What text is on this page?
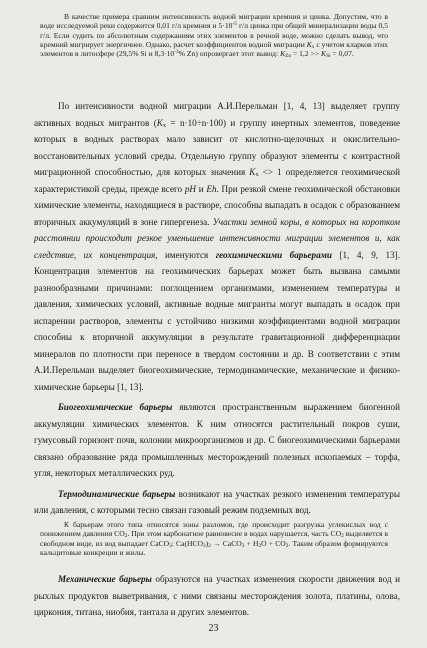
В качестве примера сравним интенсивность водной миграции кремния и цинка. Допустим, что в воде исследуемой реки содержится 0,01 г/л кремния и $5\cdot 10^{-5}$ г/л цинка при общей минерализации воды 0,5 г/л. Если судить по абсолютным содержаниям этих элементов в речной воде, можно сделать вывод, что кремний мигрирует энергичнее. Однако, расчет коэффициентов водной миграции $K_x$ с учетом кларков этих элементов в литосфере (29,5% Si и $8,3\cdot 10^{-3}\%$ Zn) опровергает этот вывод: $K_{Zn} = 1,2 >> K_{Si} = 0,07$.

По интенсивности водной миграции А.И.Перельман [1, 4, 13] выделяет группу активных водных мигрантов $(K_x = n\cdot 10\div n\cdot 100)$ и группу инертных элементов, поведение которых в водных растворах мало зависит от кислотно-щелочных и окислительно-восстановительных условий среды. Отдельную группу образуют элементы с контрастной миграционной способностью, для которых значения $K_x <> 1$ определяется геохимической характеристикой среды, прежде всего pH и Eh. При резкой смене геохимической обстановки химические элементы, находящиеся в растворе, способны выпадать в осадок с образованием вторичных аккумуляций в зоне гипергенеза. Участки земной коры, в которых на коротком расстоянии происходит резкое уменьшение интенсивности миграции элементов и, как следствие, их концентрация, именуются геохимическими барьерами [1, 4, 9, 13]. Концентрация элементов на геохимических барьерах может быть вызвана самыми разнообразными причинами: поглощением организмами, изменением температуры и давления, химических условий, активные водные мигранты могут выпадать в осадок при испарении растворов, элементы с устойчиво низкими коэффициентами водной миграции способны к вторичной аккумуляции в результате гравитационной дифференциации минералов по плотности при переносе в твердом состоянии и др. В соответствии с этим А.И.Перельман выделяет биогеохимические, термодинамические, механические и физико-химические барьеры [1, 13].

Биогеохимические барьеры являются пространственным выражением биогенной аккумуляции химических элементов. К ним относятся растительный покров суши, гумусовый горизонт почв, колонии микроорганизмов и др. С биогеохимическими барьерами связано образование ряда промышленных месторождений полезных ископаемых – торфа, угля, некоторых металлических руд.

Термодинамические барьеры возникают на участках резкого изменения температуры или давления, с которыми тесно связан газовый режим подземных вод.

К барьерам этого типа относятся зоны разломов, где происходит разгрузка углекислых вод с понижением давления $CO_2$. При этом карбонатное равновесие в водах нарушается, часть $CO_2$ выделяется в свободном виде, из вод выпадает CaCO$_3$: $Ca(HCO_3)_2$ → CaCO$_3$ + $H_2O + CO_2$. Таким образом формируются кальцитовые конкреции и жилы.

Механические барьеры образуются на участках изменения скорости движения вод и рыхлых продуктов выветривания, с ними связаны месторождения золота, платины, олова, циркония, титана, ниобия, тантала и других элементов.

23
